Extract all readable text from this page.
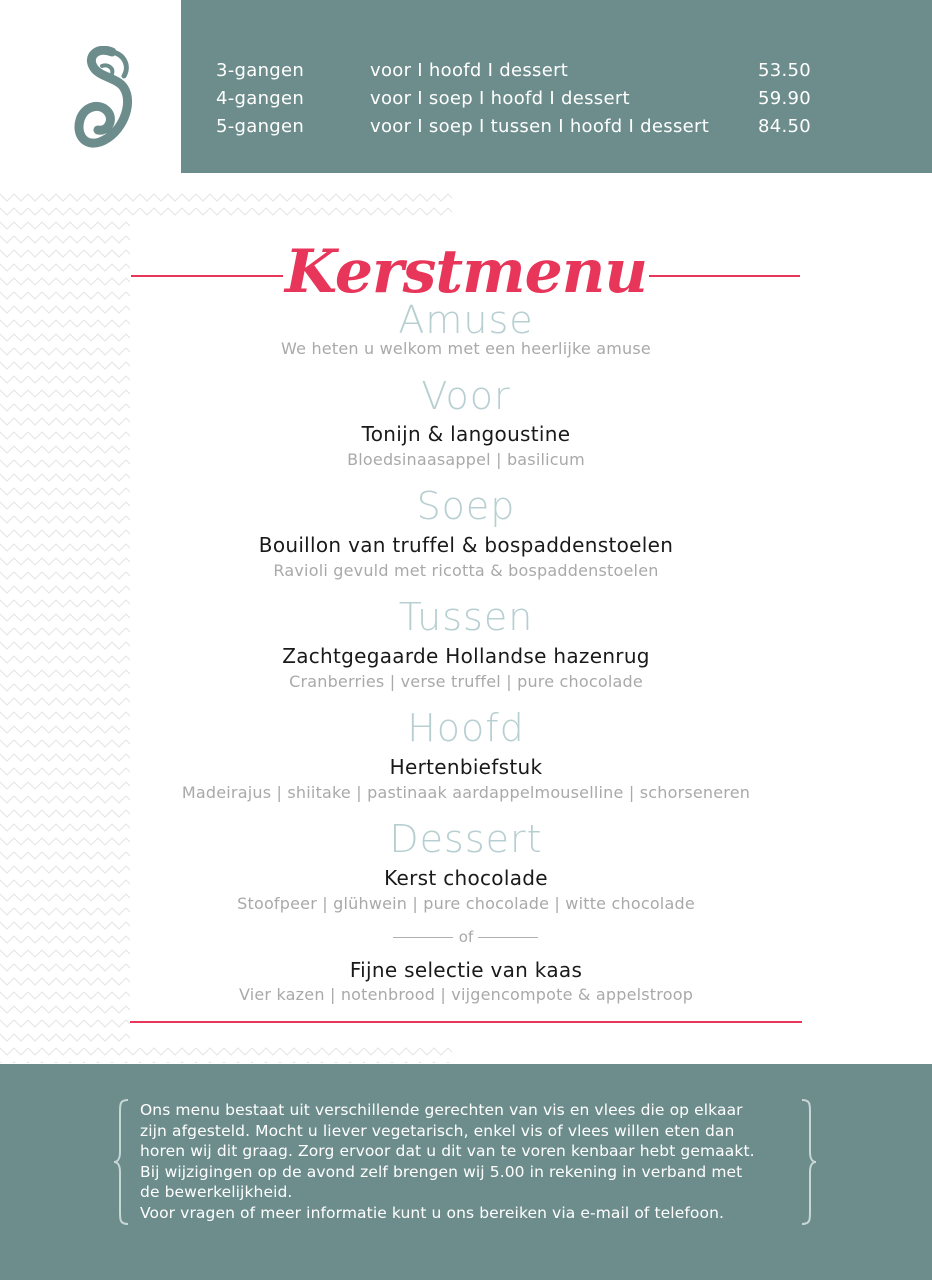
3-gangen	voor I hoofd I dessert	53.50
4-gangen	voor I soep I hoofd I dessert	59.90
5-gangen	voor I soep I tussen I hoofd I dessert	84.50
Kerstmenu
Amuse
We heten u welkom met een heerlijke amuse
Voor
Tonijn & langoustine
Bloedsinaasappel | basilicum
Soep
Bouillon van truffel & bospaddenstoelen
Ravioli gevuld met ricotta & bospaddenstoelen
Tussen
Zachtgegaarde Hollandse hazenrug
Cranberries | verse truffel | pure chocolade
Hoofd
Hertenbiefstuk
Madeirajus | shiitake | pastinaak aardappelmouselline | schorseneren
Dessert
Kerst chocolade
Stoofpeer | glühwein | pure chocolade | witte chocolade
of
Fijne selectie van kaas
Vier kazen | notenbrood | vijgencompote & appelstroop

Ons menu bestaat uit verschillende gerechten van vis en vlees die op elkaar

zijn afgesteld. Mocht u liever vegetarisch, enkel vis of vlees willen eten dan

horen wij dit graag. Zorg ervoor dat u dit van te voren kenbaar hebt gemaakt.

Bij wijzigingen op de avond zelf brengen wij 5.00 in rekening in verband met

de bewerkelijkheid.

Voor vragen of meer informatie kunt u ons bereiken via e-mail of telefoon.
